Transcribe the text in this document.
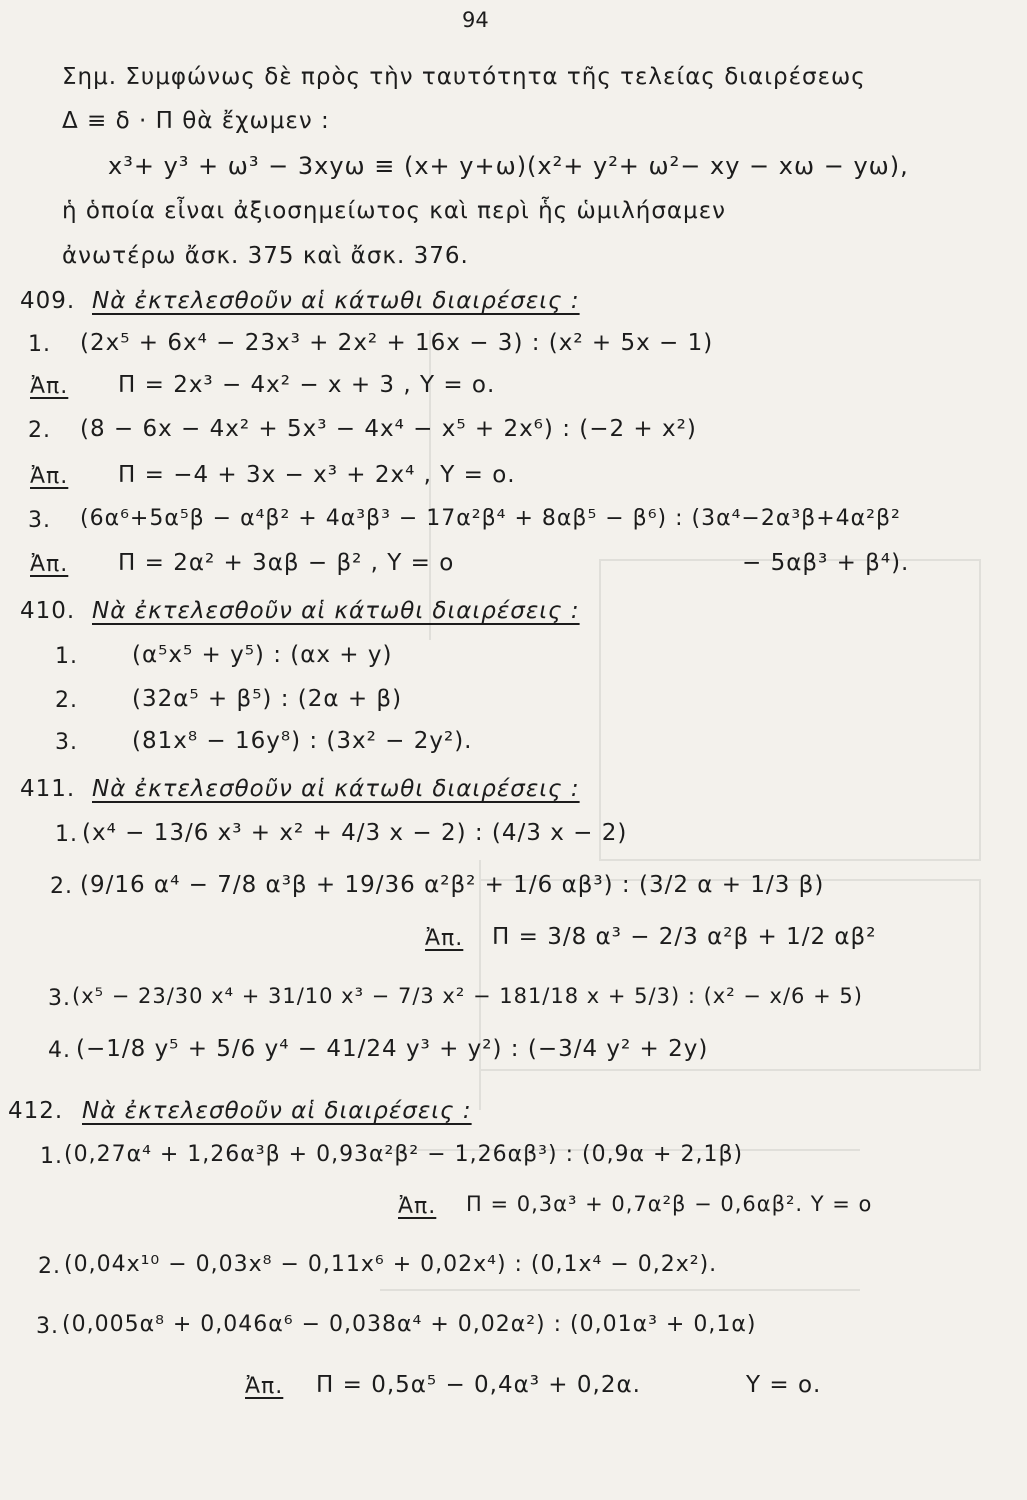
94
Σημ. Συμφώνως δὲ πρὸς τὴν ταυτότητα τῆς τελείας διαιρέσεως
Δ ≡ δ · Π θὰ ἔχωμεν :
x³+ y³ + ω³ − 3xyω ≡ (x+ y+ω)(x²+ y²+ ω²− xy − xω − yω),
ἡ ὁποία εἶναι ἀξιοσημείωτος καὶ περὶ ἧς ὡμιλήσαμεν
ἀνωτέρω ἄσκ. 375 καὶ ἄσκ. 376.
409. Νὰ ἐκτελεσθοῦν αἱ κάτωθι διαιρέσεις :
1. (2x⁵ + 6x⁴ − 23x³ + 2x² + 16x − 3) : (x² + 5x − 1)
Ἀπ. Π = 2x³ − 4x² − x + 3 , Υ = ο.
2. (8 − 6x − 4x² + 5x³ − 4x⁴ − x⁵ + 2x⁶) : (−2 + x²)
Ἀπ. Π = −4 + 3x − x³ + 2x⁴ , Υ = ο.
3. (6α⁶+5α⁵β − α⁴β² + 4α³β³ − 17α²β⁴ + 8αβ⁵ − β⁶) : (3α⁴−2α³β+4α²β²
Ἀπ. Π = 2α² + 3αβ − β² , Υ = ο	− 5αβ³ + β⁴).
410. Νὰ ἐκτελεσθοῦν αἱ κάτωθι διαιρέσεις :
1. (α⁵x⁵ + y⁵) : (αx + y)
2. (32α⁵ + β⁵) : (2α + β)
3. (81x⁸ − 16y⁸) : (3x² − 2y²).
411. Νὰ ἐκτελεσθοῦν αἱ κάτωθι διαιρέσεις :
1. (x⁴ − 13/6 x³ + x² + 4/3 x − 2) : (4/3 x − 2)
2. (9/16 α⁴ − 7/8 α³β + 19/36 α²β² + 1/6 αβ³) : (3/2 α + 1/3 β)
Ἀπ. Π = 3/8 α³ − 2/3 α²β + 1/2 αβ²
3. (x⁵ − 23/30 x⁴ + 31/10 x³ − 7/3 x² − 181/18 x + 5/3) : (x² − x/6 + 5)
4. (−1/8 y⁵ + 5/6 y⁴ − 41/24 y³ + y²) : (−3/4 y² + 2y)
412. Νὰ ἐκτελεσθοῦν αἱ διαιρέσεις :
1. (0,27α⁴ + 1,26α³β + 0,93α²β² − 1,26αβ³) : (0,9α + 2,1β)
Ἀπ. Π = 0,3α³ + 0,7α²β − 0,6αβ². Υ = ο
2. (0,04x¹⁰ − 0,03x⁸ − 0,11x⁶ + 0,02x⁴) : (0,1x⁴ − 0,2x²).
3. (0,005α⁸ + 0,046α⁶ − 0,038α⁴ + 0,02α²) : (0,01α³ + 0,1α)
Ἀπ. Π = 0,5α⁵ − 0,4α³ + 0,2α.	Υ = ο.
